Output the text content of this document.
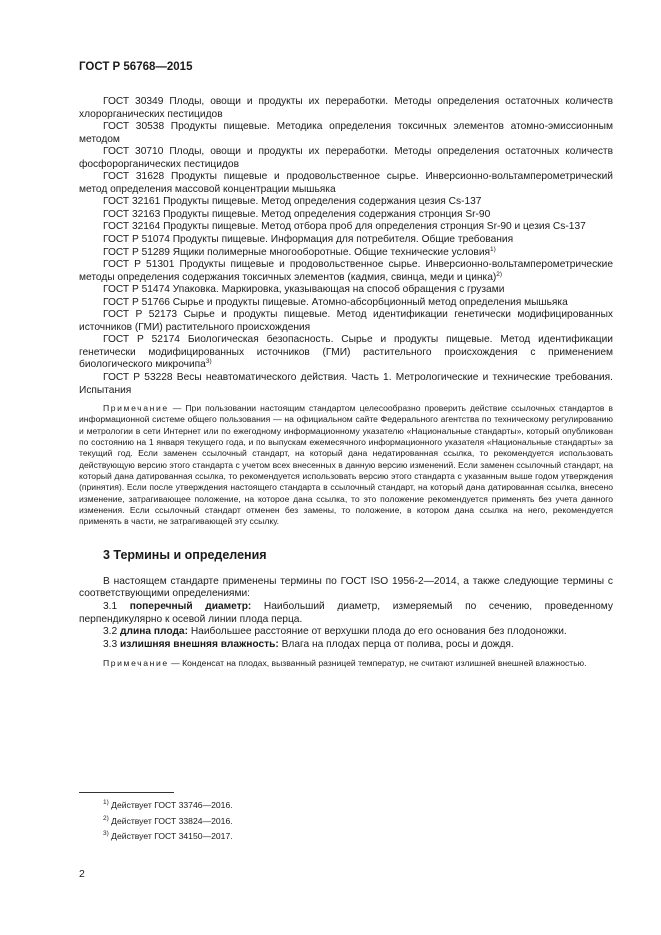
ГОСТ Р 56768—2015

ГОСТ 30349 Плоды, овощи и продукты их переработки. Методы определения остаточных количеств хлорорганических пестицидов

ГОСТ 30538 Продукты пищевые. Методика определения токсичных элементов атомно-эмиссионным методом

ГОСТ 30710 Плоды, овощи и продукты их переработки. Методы определения остаточных количеств фосфорорганических пестицидов

ГОСТ 31628 Продукты пищевые и продовольственное сырье. Инверсионно-вольтамперометрический метод определения массовой концентрации мышьяка

ГОСТ 32161 Продукты пищевые. Метод определения содержания цезия Cs-137

ГОСТ 32163 Продукты пищевые. Метод определения содержания стронция Sr-90

ГОСТ 32164 Продукты пищевые. Метод отбора проб для определения стронция Sr-90 и цезия Cs-137

ГОСТ Р 51074 Продукты пищевые. Информация для потребителя. Общие требования

ГОСТ Р 51289 Ящики полимерные многооборотные. Общие технические условия$^{1)}$

ГОСТ Р 51301 Продукты пищевые и продовольственное сырье. Инверсионно-вольтамперометрические методы определения содержания токсичных элементов (кадмия, свинца, меди и цинка)$^{2)}$

ГОСТ Р 51474 Упаковка. Маркировка, указывающая на способ обращения с грузами

ГОСТ Р 51766 Сырье и продукты пищевые. Атомно-абсорбционный метод определения мышьяка

ГОСТ Р 52173 Сырье и продукты пищевые. Метод идентификации генетически модифицированных источников (ГМИ) растительного происхождения

ГОСТ Р 52174 Биологическая безопасность. Сырье и продукты пищевые. Метод идентификации генетически модифицированных источников (ГМИ) растительного происхождения с применением биологического микрочипа$^{3)}$

ГОСТ Р 53228 Весы неавтоматического действия. Часть 1. Метрологические и технические требования. Испытания

Примечание — При пользовании настоящим стандартом целесообразно проверить действие ссылочных стандартов в информационной системе общего пользования — на официальном сайте Федерального агентства по техническому регулированию и метрологии в сети Интернет или по ежегодному информационному указателю «Национальные стандарты», который опубликован по состоянию на 1 января текущего года, и по выпускам ежемесячного информационного указателя «Национальные стандарты» за текущий год. Если заменен ссылочный стандарт, на который дана недатированная ссылка, то рекомендуется использовать действующую версию этого стандарта с учетом всех внесенных в данную версию изменений. Если заменен ссылочный стандарт, на который дана датированная ссылка, то рекомендуется использовать версию этого стандарта с указанным выше годом утверждения (принятия). Если после утверждения настоящего стандарта в ссылочный стандарт, на который дана датированная ссылка, внесено изменение, затрагивающее положение, на которое дана ссылка, то это положение рекомендуется применять без учета данного изменения. Если ссылочный стандарт отменен без замены, то положение, в котором дана ссылка на него, рекомендуется применять в части, не затрагивающей эту ссылку.

3 Термины и определения

В настоящем стандарте применены термины по ГОСТ ISO 1956-2—2014, а также следующие термины с соответствующими определениями:

3.1 поперечный диаметр: Наибольший диаметр, измеряемый по сечению, проведенному перпендикулярно к осевой линии плода перца.

3.2 длина плода: Наибольшее расстояние от верхушки плода до его основания без плодоножки.

3.3 излишняя внешняя влажность: Влага на плодах перца от полива, росы и дождя.

Примечание — Конденсат на плодах, вызванный разницей температур, не считают излишней внешней влажностью.

$^{1)}$ Действует ГОСТ 33746—2016.
$^{2)}$ Действует ГОСТ 33824—2016.
$^{3)}$ Действует ГОСТ 34150—2017.
2
